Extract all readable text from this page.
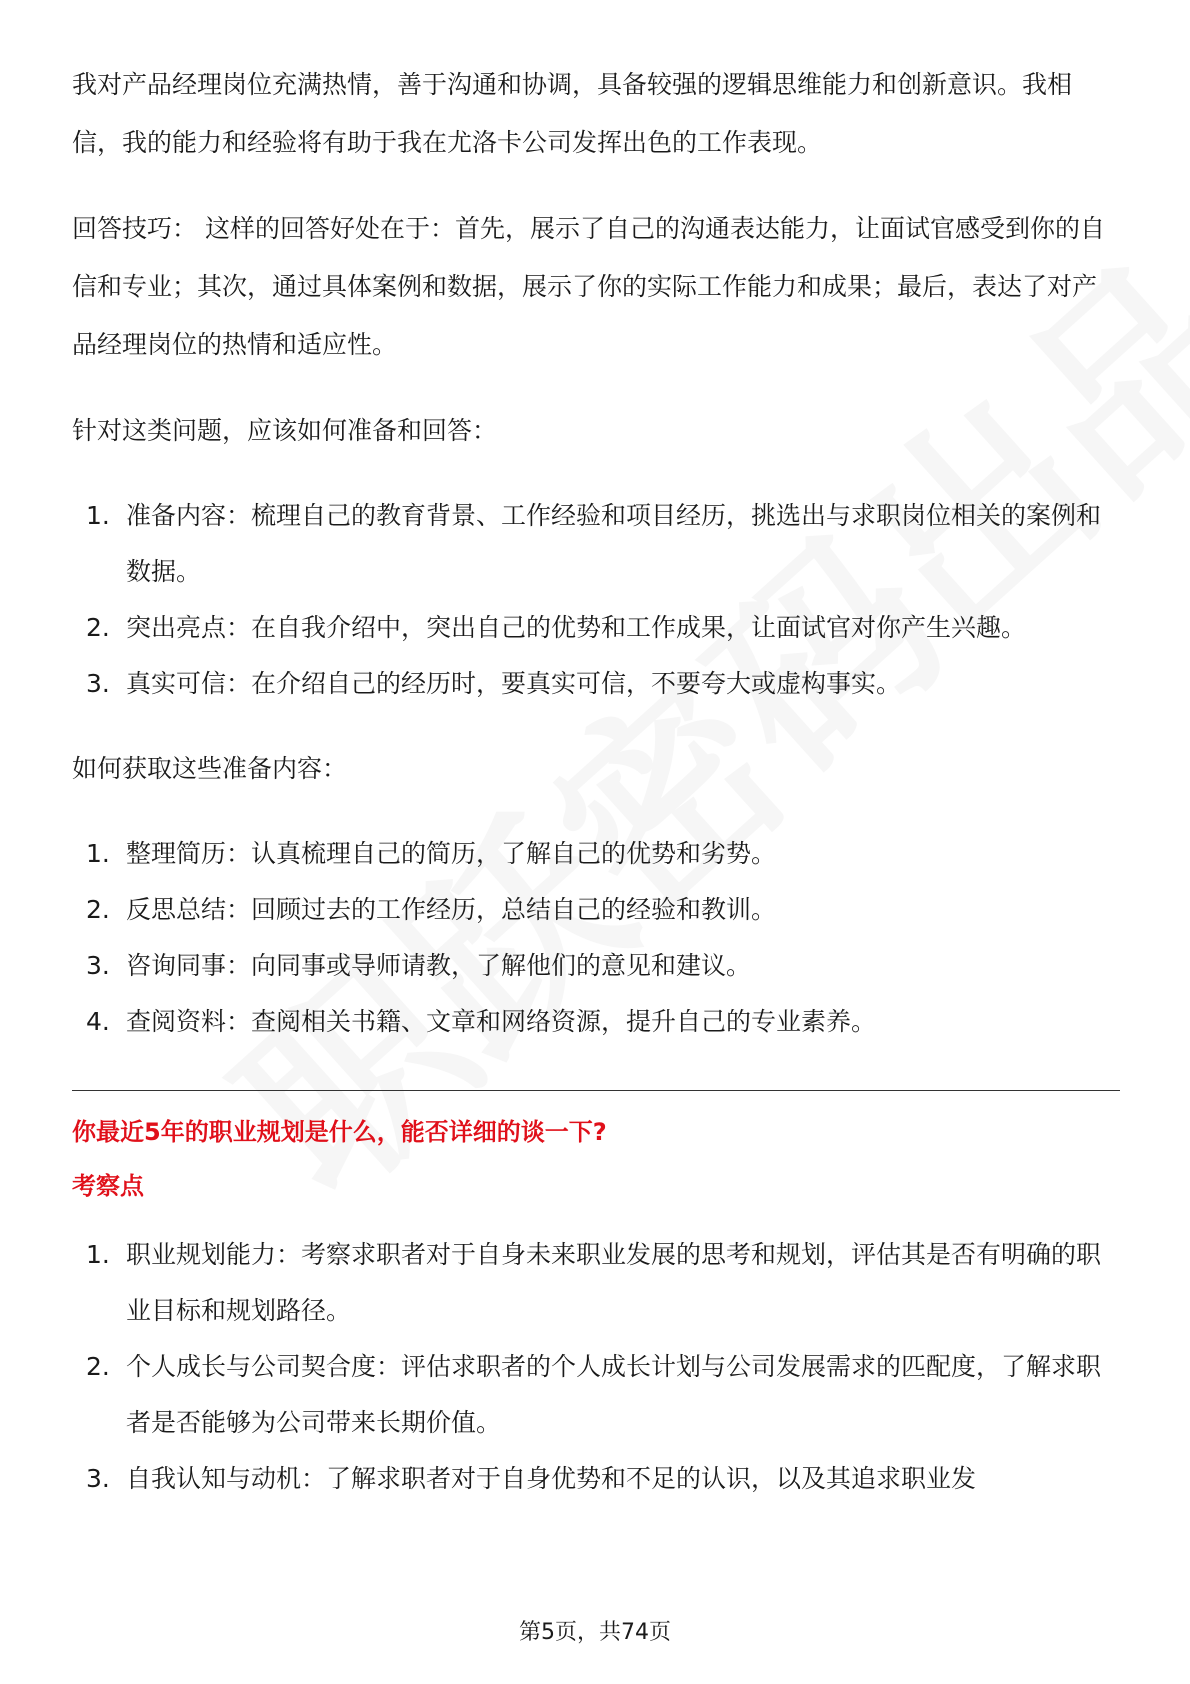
我对产品经理岗位充满热情，善于沟通和协调，具备较强的逻辑思维能力和创新意识。我相信，我的能力和经验将有助于我在尤洛卡公司发挥出色的工作表现。

回答技巧： 这样的回答好处在于：首先，展示了自己的沟通表达能力，让面试官感受到你的自信和专业；其次，通过具体案例和数据，展示了你的实际工作能力和成果；最后，表达了对产品经理岗位的热情和适应性。

针对这类问题，应该如何准备和回答：

1. 准备内容：梳理自己的教育背景、工作经验和项目经历，挑选出与求职岗位相关的案例和数据。
2. 突出亮点：在自我介绍中，突出自己的优势和工作成果，让面试官对你产生兴趣。
3. 真实可信：在介绍自己的经历时，要真实可信，不要夸大或虚构事实。

如何获取这些准备内容：

1. 整理简历：认真梳理自己的简历，了解自己的优势和劣势。
2. 反思总结：回顾过去的工作经历，总结自己的经验和教训。
3. 咨询同事：向同事或导师请教，了解他们的意见和建议。
4. 查阅资料：查阅相关书籍、文章和网络资源，提升自己的专业素养。

你最近5年的职业规划是什么，能否详细的谈一下?

考察点

1. 职业规划能力：考察求职者对于自身未来职业发展的思考和规划，评估其是否有明确的职业目标和规划路径。
2. 个人成长与公司契合度：评估求职者的个人成长计划与公司发展需求的匹配度，了解求职者是否能够为公司带来长期价值。
3. 自我认知与动机：了解求职者对于自身优势和不足的认识，以及其追求职业发
第5页，共74页
